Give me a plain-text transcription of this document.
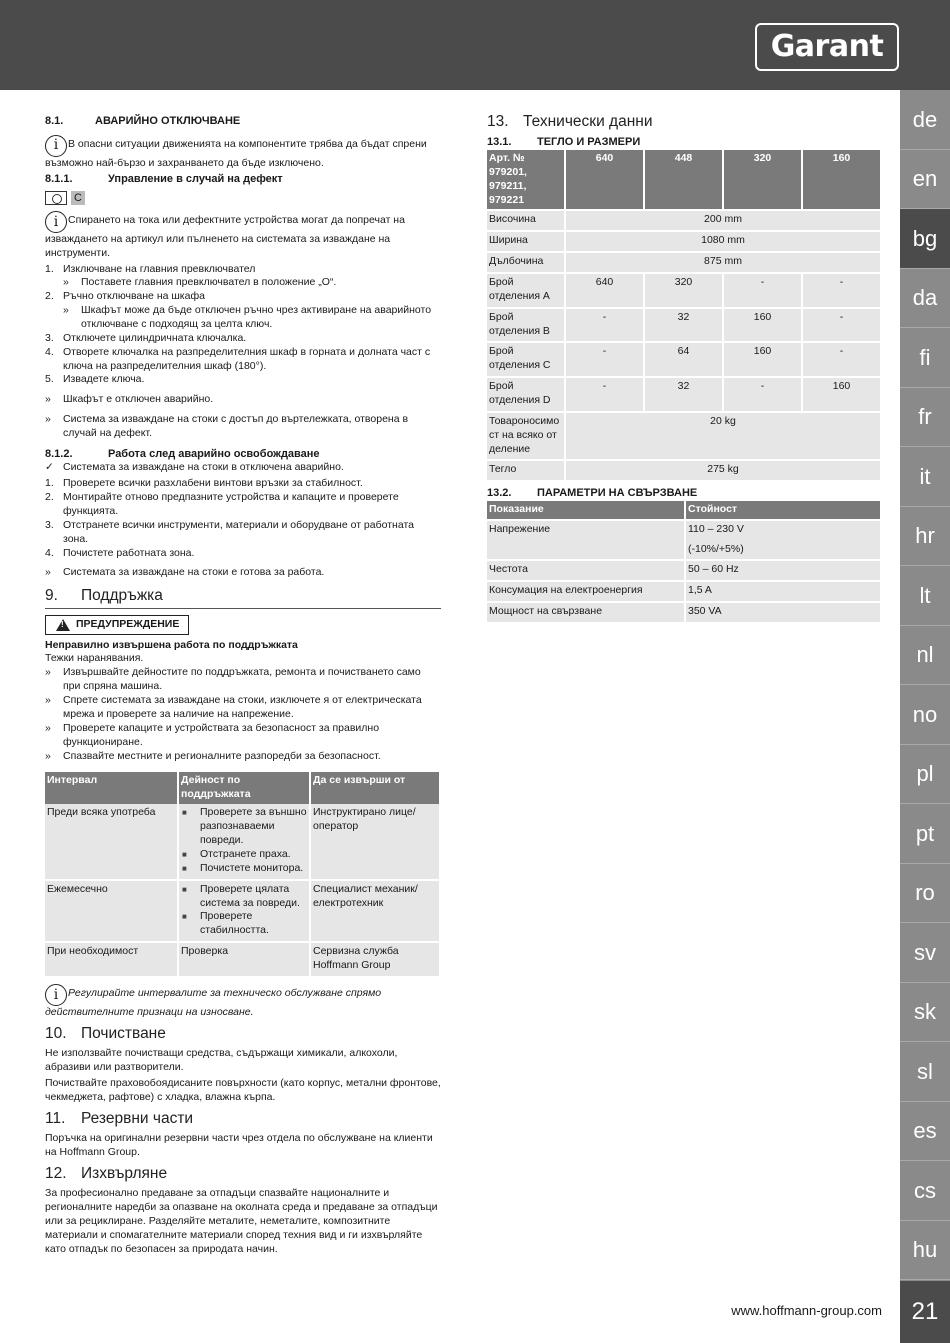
Garant
de
en
bg
da
fi
fr
it
hr
lt
nl
no
pl
pt
ro
sv
sk
sl
es
cs
hu
21
www.hoffmann-group.com
8.1.	АВАРИЙНО ОТКЛЮЧВАНЕ

i В опасни ситуации движенията на компонентите трябва да бъдат спрени възможно най-бързо и захранването да бъде изключено.

8.1.1.	Управление в случай на дефект
C

i Спирането на тока или дефектните устройства могат да попречат на изваждането на артикул или пълненето на системата за изваждане на инструменти.

1. Изключване на главния превключвател
»	Поставете главния превключвател в положение „O“.
2. Ръчно отключване на шкафа
»	Шкафът може да бъде отключен ръчно чрез активиране на аварийното отключване с подходящ за целта ключ.
3. Отключете цилиндричната ключалка.
4. Отворете ключалка на разпределителния шкаф в горната и долната част с ключа на разпределителния шкаф (180°).
5. Извадете ключа.
»	Шкафът е отключен аварийно.
»	Система за изваждане на стоки с достъп до въртележката, отворена в случай на дефект.
8.1.2.	Работа след аварийно освобождаване
✓ Системата за изваждане на стоки в отключена аварийно.
1. Проверете всички разхлабени винтови връзки за стабилност.
2. Монтирайте отново предпазните устройства и капаците и проверете функцията.
3. Отстранете всички инструменти, материали и оборудване от работната зона.
4. Почистете работната зона.
»	Системата за изваждане на стоки е готова за работа.
9.	Поддръжка
!
ПРЕДУПРЕЖДЕНИЕ
Неправилно извършена работа по поддръжката
Тежки наранявания.
»	Извършвайте дейностите по поддръжката, ремонта и почистването само при спряна машина.
»	Спрете системата за изваждане на стоки, изключете я от електрическата мрежа и проверете за наличие на напрежение.
»	Проверете капаците и устройствата за безопасност за правилно функциониране.
»	Спазвайте местните и регионалните разпоредби за безопасност.
Интервал	Дейност по поддръжката	Да се извърши от
Преди всяка употреба	■ Проверете за външно разпознаваеми повреди.
■ Отстранете праха.
■ Почистете монитора.	Инструктирано лице/ оператор
Ежемесечно	■ Проверете цялата система за повреди.
■ Проверете стабилността.	Специалист механик/ електротехник
При необходимост	Проверка	Сервизна служба Hoffmann Group

i Регулирайте интервалите за техническо обслужване спрямо действителните признаци на износване.

10. Почистване

Не използвайте почистващи средства, съдържащи химикали, алкохоли, абразиви или разтворители.

Почиствайте праховобоядисаните повърхности (като корпус, метални фронтове, чекмеджета, рафтове) с хладка, влажна кърпа.

11.	Резервни части

Поръчка на оригинални резервни части чрез отдела по обслужване на клиенти на Hoffmann Group.

12. Изхвърляне

За професионално предаване за отпадъци спазвайте националните и регионалните наредби за опазване на околната среда и предаване за отпадъци или за рециклиране. Разделяйте металите, неметалите, композитните материали и спомагателните материали според техния вид и ги изхвърляйте като отпадък по безопасен за природата начин.

13. Технически данни
13.1.	ТЕГЛО И РАЗМЕРИ
Арт. № 979201, 979211, 979221	640	448	320	160
Височина	200 mm			
Ширина	1080 mm			
Дълбочина	875 mm			
Брой отделения A	640	320	-	-
Брой отделения B	-	32	160	-
Брой отделения C	-	64	160	-
Брой отделения D	-	32	-	160
Товароносимост на всяко отделение	20 kg			
Тегло	275 kg			
13.2.	ПАРАМЕТРИ НА СВЪРЗВАНЕ
Показание	Стойност
Напрежение	110 – 230 V
(-10%/+5%)

Честота	50 – 60 Hz
Консумация на електроенергия	1,5 A
Мощност на свързване	350 VA
